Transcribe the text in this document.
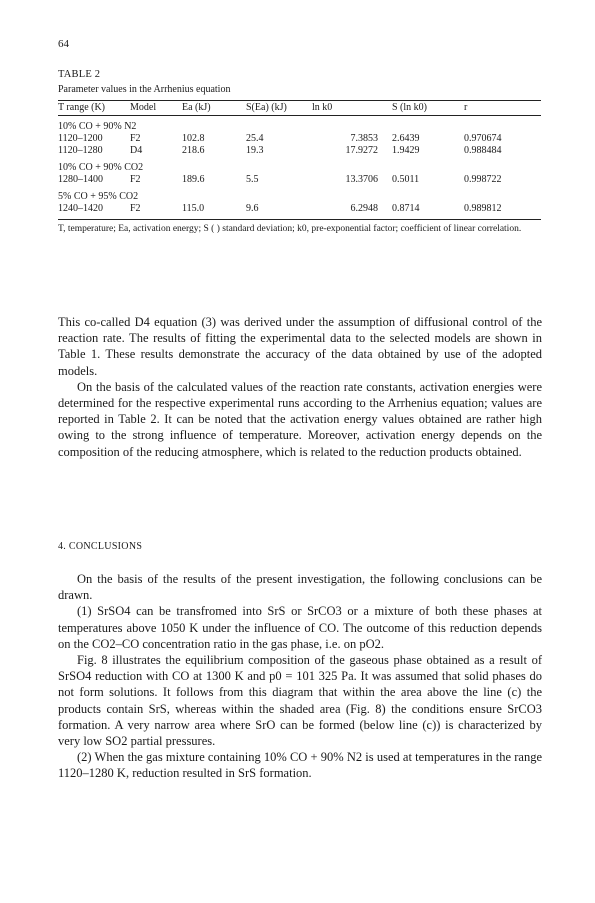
64
TABLE 2
Parameter values in the Arrhenius equation
T range (K)	Model	Ea (kJ)	S(Ea) (kJ)	ln k0	S (ln k0)	r
10% CO + 90% N2						
1120–1200	F2	102.8	25.4	7.3853	2.6439	0.970674
1120–1280	D4	218.6	19.3	17.9272	1.9429	0.988484
10% CO + 90% CO2						
1280–1400	F2	189.6	5.5	13.3706	0.5011	0.998722
5% CO + 95% CO2						
1240–1420	F2	115.0	9.6	6.2948	0.8714	0.989812
T, temperature; Ea, activation energy; S ( ) standard deviation; k0, pre-exponential factor; coefficient of linear correlation.

This co-called D4 equation (3) was derived under the assumption of diffusional control of the reaction rate. The results of fitting the experimental data to the selected models are shown in Table 1. These results demonstrate the accuracy of the data obtained by use of the adopted models.

On the basis of the calculated values of the reaction rate constants, activation energies were determined for the respective experimental runs according to the Arrhenius equation; values are reported in Table 2. It can be noted that the activation energy values obtained are rather high owing to the strong influence of temperature. Moreover, activation energy depends on the composition of the reducing atmosphere, which is related to the reduction products obtained.

4. CONCLUSIONS

On the basis of the results of the present investigation, the following conclusions can be drawn.

(1) SrSO4 can be transfromed into SrS or SrCO3 or a mixture of both these phases at temperatures above 1050 K under the influence of CO. The outcome of this reduction depends on the CO2–CO concentration ratio in the gas phase, i.e. on pO2.

Fig. 8 illustrates the equilibrium composition of the gaseous phase obtained as a result of SrSO4 reduction with CO at 1300 K and p0 = 101 325 Pa. It was assumed that solid phases do not form solutions. It follows from this diagram that within the area above the line (c) the products contain SrS, whereas within the shaded area (Fig. 8) the conditions ensure SrCO3 formation. A very narrow area where SrO can be formed (below line (c)) is characterized by very low SO2 partial pressures.

(2) When the gas mixture containing 10% CO + 90% N2 is used at temperatures in the range 1120–1280 K, reduction resulted in SrS formation.
